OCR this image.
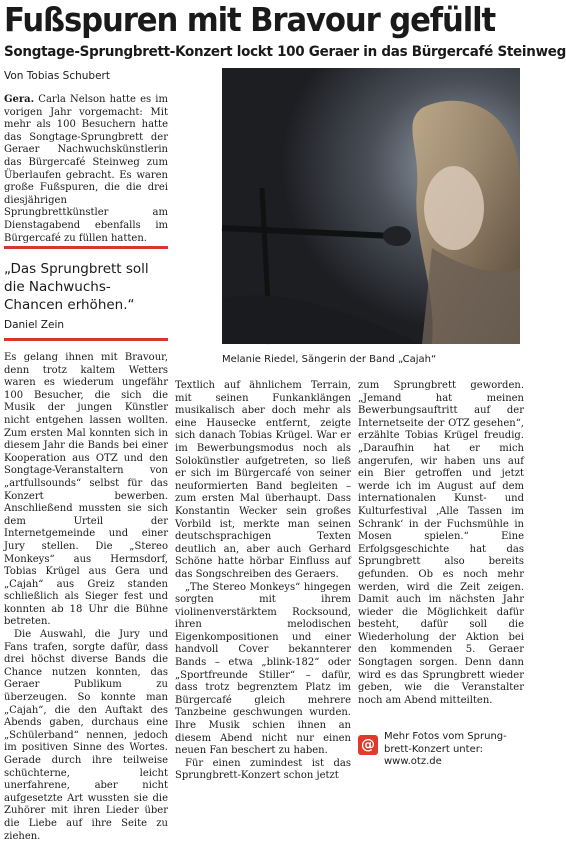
Fußspuren mit Bravour gefüllt
Songtage-Sprungbrett-Konzert lockt 100 Geraer in das Bürgercafé Steinweg
Von Tobias Schubert

Gera. Carla Nelson hatte es im vorigen Jahr vorgemacht: Mit mehr als 100 Besuchern hatte das Songtage-Sprungbrett der Geraer Nachwuchskünstlerin das Bürgercafé Steinweg zum Überlaufen gebracht. Es waren große Fußspuren, die die drei diesjährigen Sprungbrettkünstler am Dienstagabend ebenfalls im Bürgercafé zu füllen hatten.

„Das Sprungbrett soll die Nachwuchs-Chancen erhöhen.“
Daniel Zein
Melanie Riedel, Sängerin der Band „Cajah“

Es gelang ihnen mit Bravour, denn trotz kaltem Wetters waren es wiederum ungefähr 100 Besucher, die sich die Musik der jungen Künstler nicht entgehen lassen wollten. Zum ersten Mal konnten sich in diesem Jahr die Bands bei einer Kooperation aus OTZ und den Songtage-Veranstaltern von „artfullsounds“ selbst für das Konzert bewerben. Anschließend mussten sie sich dem Urteil der Internetgemeinde und einer Jury stellen. Die „Stereo Monkeys“ aus Hermsdorf, Tobias Krügel aus Gera und „Cajah“ aus Greiz standen schließlich als Sieger fest und konnten ab 18 Uhr die Bühne betreten.

Die Auswahl, die Jury und Fans trafen, sorgte dafür, dass drei höchst diverse Bands die Chance nutzen konnten, das Geraer Publikum zu überzeugen. So konnte man „Cajah“, die den Auftakt des Abends gaben, durchaus eine „Schülerband“ nennen, jedoch im positiven Sinne des Wortes. Gerade durch ihre teilweise schüchterne, leicht unerfahrene, aber nicht aufgesetzte Art wussten sie die Zuhörer mit ihren Lieder über die Liebe auf ihre Seite zu ziehen.

Textlich auf ähnlichem Terrain, mit seinen Funkanklängen musikalisch aber doch mehr als eine Hausecke entfernt, zeigte sich danach Tobias Krügel. War er im Bewerbungsmodus noch als Solokünstler aufgetreten, so ließ er sich im Bürgercafé von seiner neuformierten Band begleiten – zum ersten Mal überhaupt. Dass Konstantin Wecker sein großes Vorbild ist, merkte man seinen deutschsprachigen Texten deutlich an, aber auch Gerhard Schöne hatte hörbar Einfluss auf das Songschreiben des Geraers.

„The Stereo Monkeys“ hingegen sorgten mit ihrem violinenverstärktem Rocksound, ihren melodischen Eigenkompositionen und einer handvoll Cover bekannterer Bands – etwa „blink-182“ oder „Sportfreunde Stiller“ – dafür, dass trotz begrenztem Platz im Bürgercafé gleich mehrere Tanzbeine geschwungen wurden. Ihre Musik schien ihnen an diesem Abend nicht nur einen neuen Fan beschert zu haben.

Für einen zumindest ist das Sprungbrett-Konzert schon jetzt

zum Sprungbrett geworden. „Jemand hat meinen Bewerbungsauftritt auf der Internetseite der OTZ gesehen“, erzählte Tobias Krügel freudig. „Daraufhin hat er mich angerufen, wir haben uns auf ein Bier getroffen und jetzt werde ich im August auf dem internationalen Kunst- und Kulturfestival ‚Alle Tassen im Schrank‘ in der Fuchsmühle in Mosen spielen.“ Eine Erfolgsgeschichte hat das Sprungbrett also bereits gefunden. Ob es noch mehr werden, wird die Zeit zeigen. Damit auch im nächsten Jahr wieder die Möglichkeit dafür besteht, dafür soll die Wiederholung der Aktion bei den kommenden 5. Geraer Songtagen sorgen. Denn dann wird es das Sprungbrett wieder geben, wie die Veranstalter noch am Abend mitteilten.

@
Mehr Fotos vom Sprung-
brett-Konzert unter:
www.otz.de
